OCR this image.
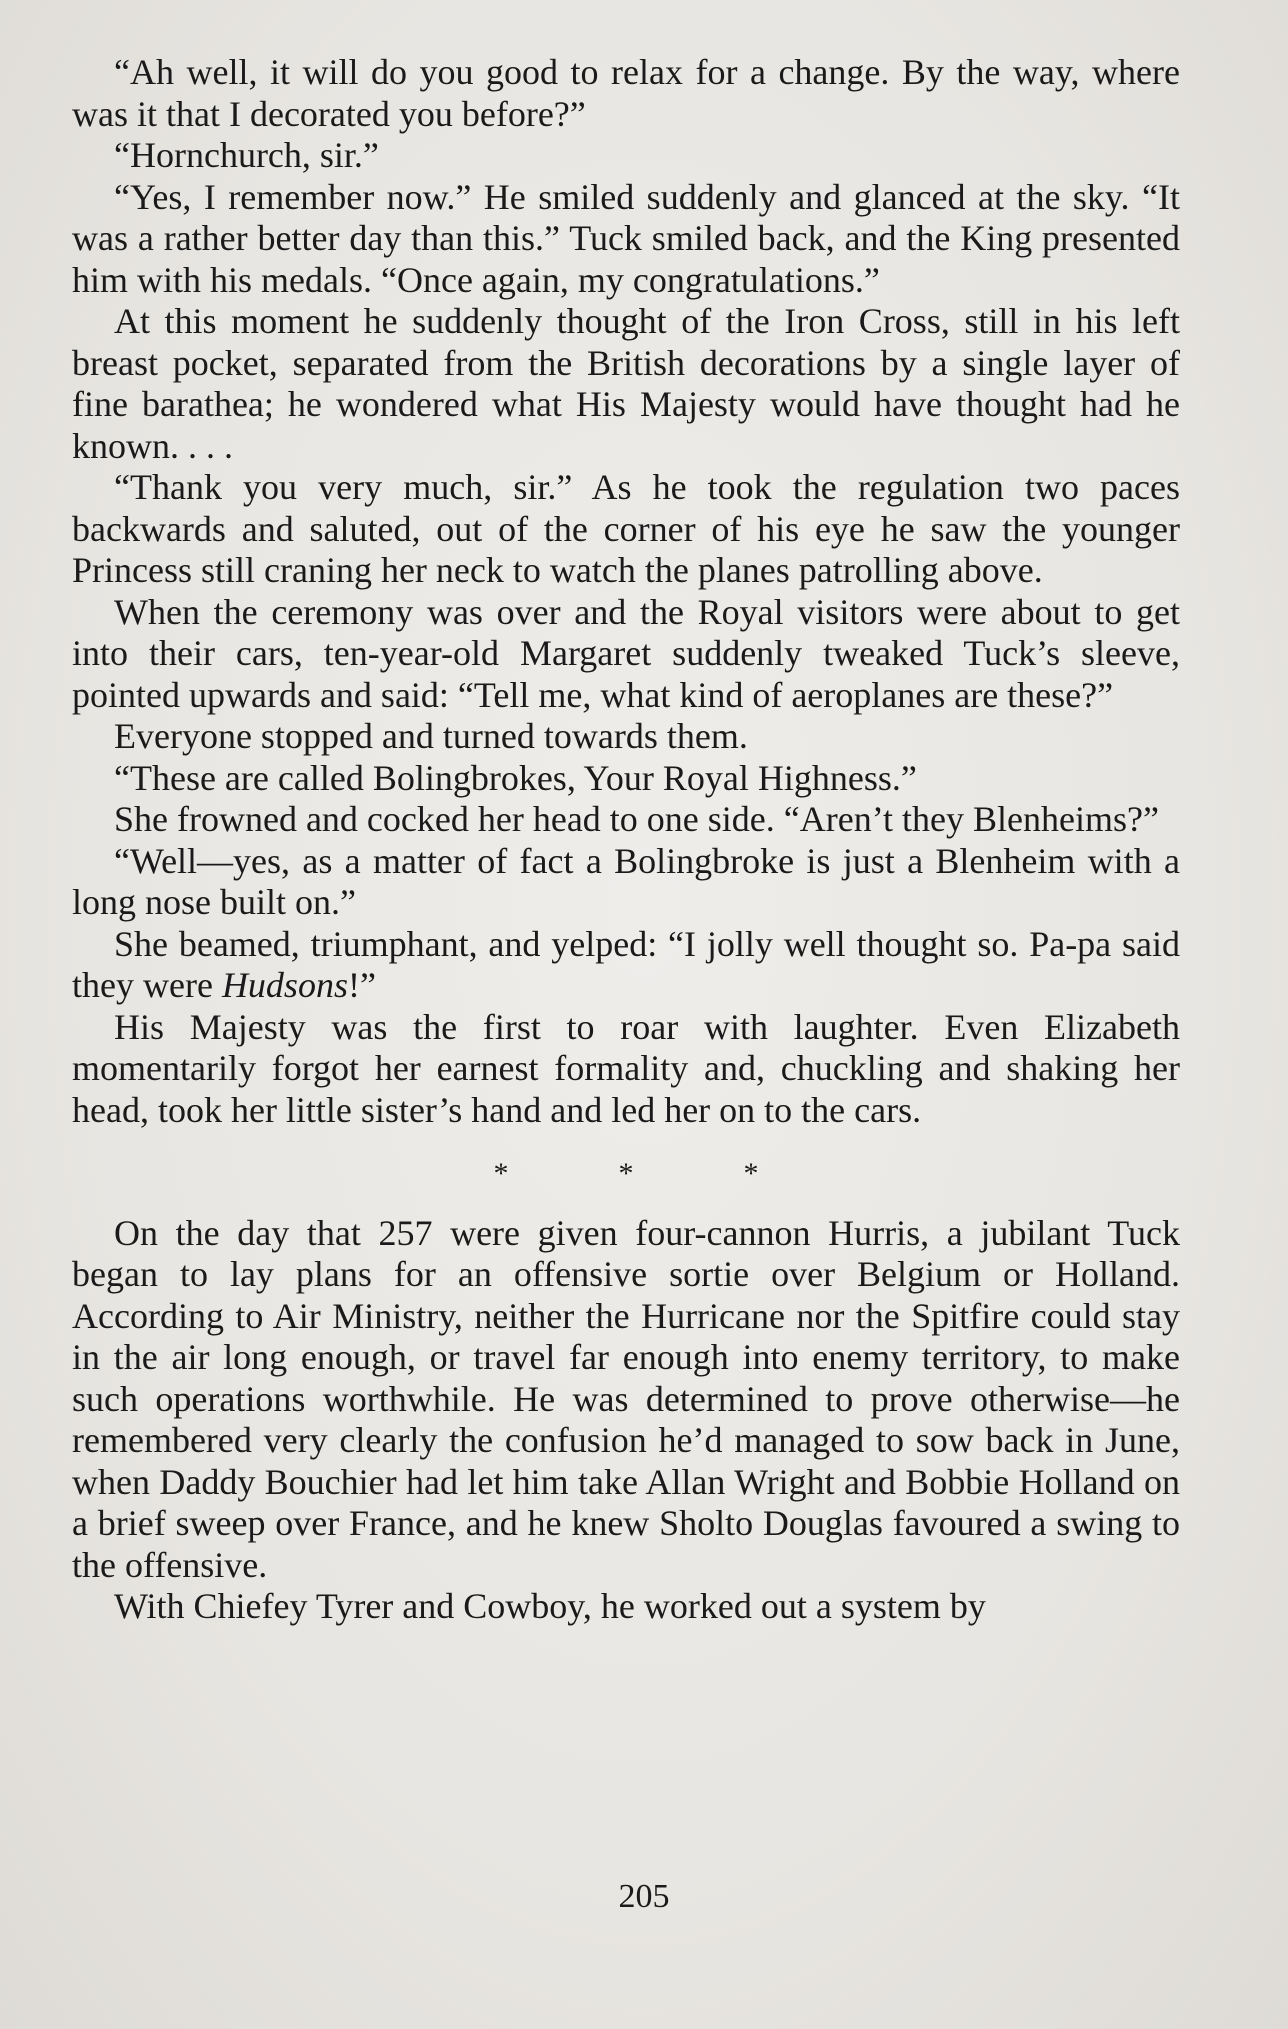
“Ah well, it will do you good to relax for a change. By the way, where was it that I decorated you before?”

“Hornchurch, sir.”

“Yes, I remember now.” He smiled suddenly and glanced at the sky. “It was a rather better day than this.” Tuck smiled back, and the King presented him with his medals. “Once again, my congratulations.”

At this moment he suddenly thought of the Iron Cross, still in his left breast pocket, separated from the British decorations by a single layer of fine barathea; he wondered what His Majesty would have thought had he known. . . .

“Thank you very much, sir.” As he took the regulation two paces backwards and saluted, out of the corner of his eye he saw the younger Princess still craning her neck to watch the planes patrolling above.

When the ceremony was over and the Royal visitors were about to get into their cars, ten-year-old Margaret suddenly tweaked Tuck’s sleeve, pointed upwards and said: “Tell me, what kind of aeroplanes are these?”

Everyone stopped and turned towards them.

“These are called Bolingbrokes, Your Royal Highness.”

She frowned and cocked her head to one side. “Aren’t they Blenheims?”

“Well—yes, as a matter of fact a Bolingbroke is just a Blenheim with a long nose built on.”

She beamed, triumphant, and yelped: “I jolly well thought so. Pa-pa said they were Hudsons!”

His Majesty was the first to roar with laughter. Even Elizabeth momentarily forgot her earnest formality and, chuckling and shaking her head, took her little sister’s hand and led her on to the cars.

*	*	*

On the day that 257 were given four-cannon Hurris, a jubilant Tuck began to lay plans for an offensive sortie over Belgium or Holland. According to Air Ministry, neither the Hurricane nor the Spitfire could stay in the air long enough, or travel far enough into enemy territory, to make such operations worthwhile. He was determined to prove otherwise—he remembered very clearly the confusion he’d managed to sow back in June, when Daddy Bouchier had let him take Allan Wright and Bobbie Holland on a brief sweep over France, and he knew Sholto Douglas favoured a swing to the offensive.

With Chiefey Tyrer and Cowboy, he worked out a system by

205
